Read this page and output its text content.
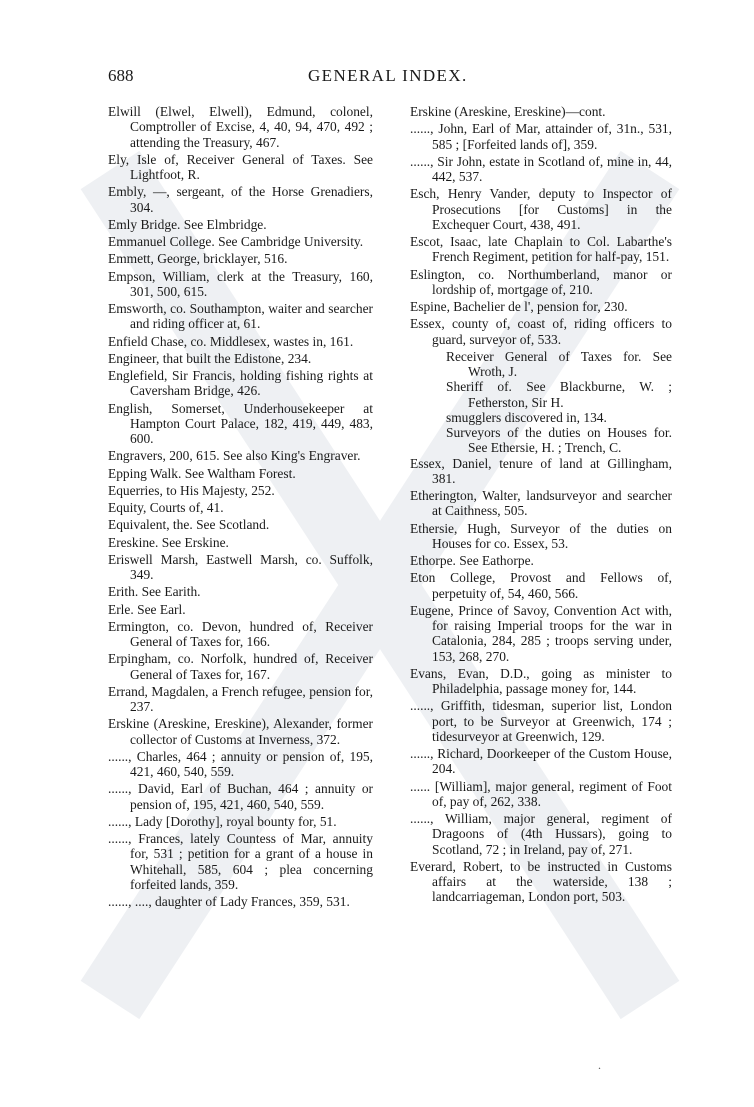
688	GENERAL INDEX.
Elwill (Elwel, Elwell), Edmund, colonel, Comptroller of Excise, 4, 40, 94, 470, 492 ; attending the Treasury, 467.
Ely, Isle of, Receiver General of Taxes. See Lightfoot, R.
Embly, —, sergeant, of the Horse Grenadiers, 304.
Emly Bridge. See Elmbridge.
Emmanuel College. See Cambridge University.
Emmett, George, bricklayer, 516.
Empson, William, clerk at the Treasury, 160, 301, 500, 615.
Emsworth, co. Southampton, waiter and searcher and riding officer at, 61.
Enfield Chase, co. Middlesex, wastes in, 161.
Engineer, that built the Edistone, 234.
Englefield, Sir Francis, holding fishing rights at Caversham Bridge, 426.
English, Somerset, Underhousekeeper at Hampton Court Palace, 182, 419, 449, 483, 600.
Engravers, 200, 615. See also King's Engraver.
Epping Walk. See Waltham Forest.
Equerries, to His Majesty, 252.
Equity, Courts of, 41.
Equivalent, the. See Scotland.
Ereskine. See Erskine.
Eriswell Marsh, Eastwell Marsh, co. Suffolk, 349.
Erith. See Earith.
Erle. See Earl.
Ermington, co. Devon, hundred of, Receiver General of Taxes for, 166.
Erpingham, co. Norfolk, hundred of, Receiver General of Taxes for, 167.
Errand, Magdalen, a French refugee, pension for, 237.
Erskine (Areskine, Ereskine), Alexander, former collector of Customs at Inverness, 372.
......, Charles, 464 ; annuity or pension of, 195, 421, 460, 540, 559.
......, David, Earl of Buchan, 464 ; annuity or pension of, 195, 421, 460, 540, 559.
......, Lady [Dorothy], royal bounty for, 51.
......, Frances, lately Countess of Mar, annuity for, 531 ; petition for a grant of a house in Whitehall, 585, 604 ; plea concerning forfeited lands, 359.
......, ...., daughter of Lady Frances, 359, 531.
Erskine (Areskine, Ereskine)—cont.
......, John, Earl of Mar, attainder of, 31n., 531, 585 ; [Forfeited lands of], 359.
......, Sir John, estate in Scotland of, mine in, 44, 442, 537.
Esch, Henry Vander, deputy to Inspector of Prosecutions [for Customs] in the Exchequer Court, 438, 491.
Escot, Isaac, late Chaplain to Col. Labarthe's French Regiment, petition for half-pay, 151.
Eslington, co. Northumberland, manor or lordship of, mortgage of, 210.
Espine, Bachelier de l', pension for, 230.
Essex, county of, coast of, riding officers to guard, surveyor of, 533.
Receiver General of Taxes for. See Wroth, J.
Sheriff of. See Blackburne, W. ; Fetherston, Sir H.
smugglers discovered in, 134.
Surveyors of the duties on Houses for. See Ethersie, H. ; Trench, C.
Essex, Daniel, tenure of land at Gillingham, 381.
Etherington, Walter, landsurveyor and searcher at Caithness, 505.
Ethersie, Hugh, Surveyor of the duties on Houses for co. Essex, 53.
Ethorpe. See Eathorpe.
Eton College, Provost and Fellows of, perpetuity of, 54, 460, 566.
Eugene, Prince of Savoy, Convention Act with, for raising Imperial troops for the war in Catalonia, 284, 285 ; troops serving under, 153, 268, 270.
Evans, Evan, D.D., going as minister to Philadelphia, passage money for, 144.
......, Griffith, tidesman, superior list, London port, to be Surveyor at Greenwich, 174 ; tidesurveyor at Greenwich, 129.
......, Richard, Doorkeeper of the Custom House, 204.
...... [William], major general, regiment of Foot of, pay of, 262, 338.
......, William, major general, regiment of Dragoons of (4th Hussars), going to Scotland, 72 ; in Ireland, pay of, 271.
Everard, Robert, to be instructed in Customs affairs at the waterside, 138 ; landcarriageman, London port, 503.
.
